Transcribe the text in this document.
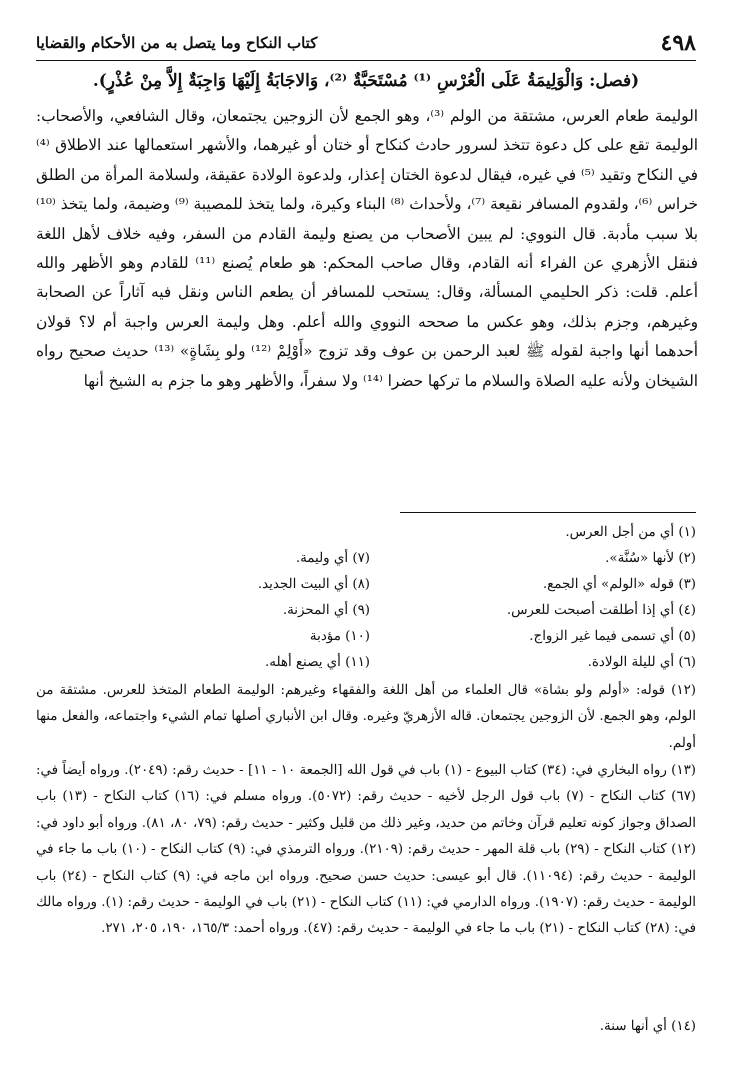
٤٩٨
كتاب النكاح وما يتصل به من الأحكام والقضايا
(فصل: وَالْوَلِيمَةُ عَلَى الْعُرْسِ ⁽¹⁾ مُسْتَحَبَّةٌ ⁽²⁾، وَالاجَابَةُ إِلَيْهَا وَاجِبَةٌ إِلاَّ مِنْ عُذْرٍ).
الوليمة طعام العرس، مشتقة من الولم ⁽³⁾، وهو الجمع لأن الزوجين يجتمعان، وقال الشافعي، والأصحاب: الوليمة تقع على كل دعوة تتخذ لسرور حادث كنكاح أو ختان أو غيرهما، والأشهر استعمالها عند الاطلاق ⁽⁴⁾ في النكاح وتقيد ⁽⁵⁾ في غيره، فيقال لدعوة الختان إعذار، ولدعوة الولادة عقيقة، ولسلامة المرأة من الطلق خراس ⁽⁶⁾، ولقدوم المسافر نقيعة ⁽⁷⁾، ولأحداث ⁽⁸⁾ البناء وكيرة، ولما يتخذ للمصيبة ⁽⁹⁾ وضيمة، ولما يتخذ ⁽¹⁰⁾ بلا سبب مأدبة. قال النووي: لم يبين الأصحاب من يصنع وليمة القادم من السفر، وفيه خلاف لأهل اللغة فنقل الأزهري عن الفراء أنه القادم، وقال صاحب المحكم: هو طعام يُصنع ⁽¹¹⁾ للقادم وهو الأظهر والله أعلم. قلت: ذكر الحليمي المسألة، وقال: يستحب للمسافر أن يطعم الناس ونقل فيه آثاراً عن الصحابة وغيرهم، وجزم بذلك، وهو عكس ما صححه النووي والله أعلم. وهل وليمة العرس واجبة أم لا؟ قولان أحدهما أنها واجبة لقوله ﷺ لعبد الرحمن بن عوف وقد تزوج «أَوْلِمْ ⁽¹²⁾ ولو بِشَاةٍ» ⁽¹³⁾ حديث صحيح رواه الشيخان ولأنه عليه الصلاة والسلام ما تركها حضرا ⁽¹⁴⁾ ولا سفراً، والأظهر وهو ما جزم به الشيخ أنها
(١) أي من أجل العرس.
(٢) لأنها «سُنَّة».
(٧) أي وليمة.
(٣) قوله «الولم» أي الجمع.
(٨) أي البيت الجديد.
(٤) أي إذا أطلقت أصبحت للعرس.
(٩) أي المحزنة.
(٥) أي تسمى فيما غير الزواج.
(١٠) مؤدبة
(٦) أي لليلة الولادة.
(١١) أي يصنع أهله.
(١٢) قوله: «أولم ولو بشاة» قال العلماء من أهل اللغة والفقهاء وغيرهم: الوليمة الطعام المتخذ للعرس. مشتقة من الولم، وهو الجمع. لأن الزوجين يجتمعان. قاله الأزهريّ وغيره. وقال ابن الأنباري أصلها تمام الشيء واجتماعه، والفعل منها أولم.
(١٣) رواه البخاري في: (٣٤) كتاب البيوع - (١) باب في قول الله [الجمعة ١٠ - ١١] - حديث رقم: (٢٠٤٩). ورواه أيضاً في: (٦٧) كتاب النكاح - (٧) باب قول الرجل لأخيه - حديث رقم: (٥٠٧٢). ورواه مسلم في: (١٦) كتاب النكاح - (١٣) باب الصداق وجواز كونه تعليم قرآن وخاتم من حديد، وغير ذلك من قليل وكثير - حديث رقم: (٧٩، ٨٠، ٨١). ورواه أبو داود في: (١٢) كتاب النكاح - (٢٩) باب قلة المهر - حديث رقم: (٢١٠٩). ورواه الترمذي في: (٩) كتاب النكاح - (١٠) باب ما جاء في الوليمة - حديث رقم: (١١٠٩٤). قال أبو عيسى: حديث حسن صحيح. ورواه ابن ماجه في: (٩) كتاب النكاح - (٢٤) باب الوليمة - حديث رقم: (١٩٠٧). ورواه الدارمي في: (١١) كتاب النكاح - (٢١) باب في الوليمة - حديث رقم: (١). ورواه مالك في: (٢٨) كتاب النكاح - (٢١) باب ما جاء في الوليمة - حديث رقم: (٤٧). ورواه أحمد: ١٦٥/٣، ١٩٠، ٢٠٥، ٢٧١.
(١٤) أي أنها سنة.
